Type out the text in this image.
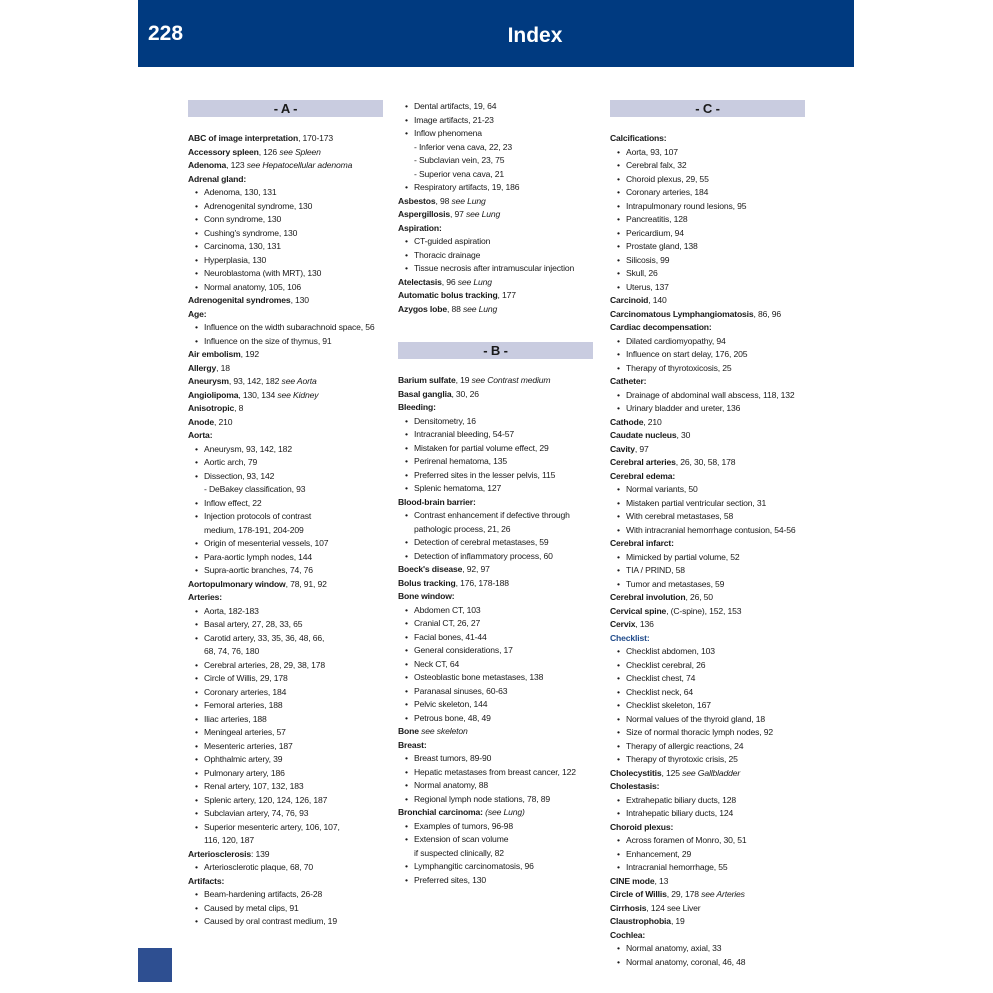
228	Index
- A -
ABC of image interpretation, 170-173
Accessory spleen, 126 see Spleen
Adenoma, 123 see Hepatocellular adenoma
Adrenal gland:
• Adenoma, 130, 131
• Adrenogenital syndrome, 130
• Conn syndrome, 130
• Cushing's syndrome, 130
• Carcinoma, 130, 131
• Hyperplasia, 130
• Neuroblastoma (with MRT), 130
• Normal anatomy, 105, 106
Adrenogenital syndromes, 130
Age:
• Influence on the width subarachnoid space, 56
• Influence on the size of thymus, 91
Air embolism, 192
Allergy, 18
Aneurysm, 93, 142, 182 see Aorta
Angiolipoma, 130, 134 see Kidney
Anisotropic, 8
Anode, 210
Aorta:
• Aneurysm, 93, 142, 182
• Aortic arch, 79
• Dissection, 93, 142
- DeBakey classification, 93
• Inflow effect, 22
• Injection protocols of contrast
medium, 178-191, 204-209
• Origin of mesenterial vessels, 107
• Para-aortic lymph nodes, 144
• Supra-aortic branches, 74, 76
Aortopulmonary window, 78, 91, 92
Arteries:
• Aorta, 182-183
• Basal artery, 27, 28, 33, 65
• Carotid artery, 33, 35, 36, 48, 66,
68, 74, 76, 180
• Cerebral arteries, 28, 29, 38, 178
• Circle of Willis, 29, 178
• Coronary arteries, 184
• Femoral arteries, 188
• Iliac arteries, 188
• Meningeal arteries, 57
• Mesenteric arteries, 187
• Ophthalmic artery, 39
• Pulmonary artery, 186
• Renal artery, 107, 132, 183
• Splenic artery, 120, 124, 126, 187
• Subclavian artery, 74, 76, 93
• Superior mesenteric artery, 106, 107,
116, 120, 187
Arteriosclerosis: 139
• Arteriosclerotic plaque, 68, 70
Artifacts:
• Beam-hardening artifacts, 26-28
• Caused by metal clips, 91
• Caused by oral contrast medium, 19
• Dental artifacts, 19, 64
• Image artifacts, 21-23
• Inflow phenomena
- Inferior vena cava, 22, 23
- Subclavian vein, 23, 75
- Superior vena cava, 21
• Respiratory artifacts, 19, 186
Asbestos, 98 see Lung
Aspergillosis, 97 see Lung
Aspiration:
• CT-guided aspiration
• Thoracic drainage
• Tissue necrosis after intramuscular injection
Atelectasis, 96 see Lung
Automatic bolus tracking, 177
Azygos lobe, 88 see Lung
- B -
Barium sulfate, 19 see Contrast medium
Basal ganglia, 30, 26
Bleeding:
• Densitometry, 16
• Intracranial bleeding, 54-57
• Mistaken for partial volume effect, 29
• Perirenal hematoma, 135
• Preferred sites in the lesser pelvis, 115
• Splenic hematoma, 127
Blood-brain barrier:
• Contrast enhancement if defective through
pathologic process, 21, 26
• Detection of cerebral metastases, 59
• Detection of inflammatory process, 60
Boeck's disease, 92, 97
Bolus tracking, 176, 178-188
Bone window:
• Abdomen CT, 103
• Cranial CT, 26, 27
• Facial bones, 41-44
• General considerations, 17
• Neck CT, 64
• Osteoblastic bone metastases, 138
• Paranasal sinuses, 60-63
• Pelvic skeleton, 144
• Petrous bone, 48, 49
Bone see skeleton
Breast:
• Breast tumors, 89-90
• Hepatic metastases from breast cancer, 122
• Normal anatomy, 88
• Regional lymph node stations, 78, 89
Bronchial carcinoma: (see Lung)
• Examples of tumors, 96-98
• Extension of scan volume
if suspected clinically, 82
• Lymphangitic carcinomatosis, 96
• Preferred sites, 130
- C -
Calcifications:
• Aorta, 93, 107
• Cerebral falx, 32
• Choroid plexus, 29, 55
• Coronary arteries, 184
• Intrapulmonary round lesions, 95
• Pancreatitis, 128
• Pericardium, 94
• Prostate gland, 138
• Silicosis, 99
• Skull, 26
• Uterus, 137
Carcinoid, 140
Carcinomatous Lymphangiomatosis, 86, 96
Cardiac decompensation:
• Dilated cardiomyopathy, 94
• Influence on start delay, 176, 205
• Therapy of thyrotoxicosis, 25
Catheter:
• Drainage of abdominal wall abscess, 118, 132
• Urinary bladder and ureter, 136
Cathode, 210
Caudate nucleus, 30
Cavity, 97
Cerebral arteries, 26, 30, 58, 178
Cerebral edema:
• Normal variants, 50
• Mistaken partial ventricular section, 31
• With cerebral metastases, 58
• With intracranial hemorrhage contusion, 54-56
Cerebral infarct:
• Mimicked by partial volume, 52
• TIA / PRIND, 58
• Tumor and metastases, 59
Cerebral involution, 26, 50
Cervical spine, (C-spine), 152, 153
Cervix, 136
Checklist:
• Checklist abdomen, 103
• Checklist cerebral, 26
• Checklist chest, 74
• Checklist neck, 64
• Checklist skeleton, 167
• Normal values of the thyroid gland, 18
• Size of normal thoracic lymph nodes, 92
• Therapy of allergic reactions, 24
• Therapy of thyrotoxic crisis, 25
Cholecystitis, 125 see Gallbladder
Cholestasis:
• Extrahepatic biliary ducts, 128
• Intrahepatic biliary ducts, 124
Choroid plexus:
• Across foramen of Monro, 30, 51
• Enhancement, 29
• Intracranial hemorrhage, 55
CINE mode, 13
Circle of Willis, 29, 178 see Arteries
Cirrhosis, 124 see Liver
Claustrophobia, 19
Cochlea:
• Normal anatomy, axial, 33
• Normal anatomy, coronal, 46, 48
